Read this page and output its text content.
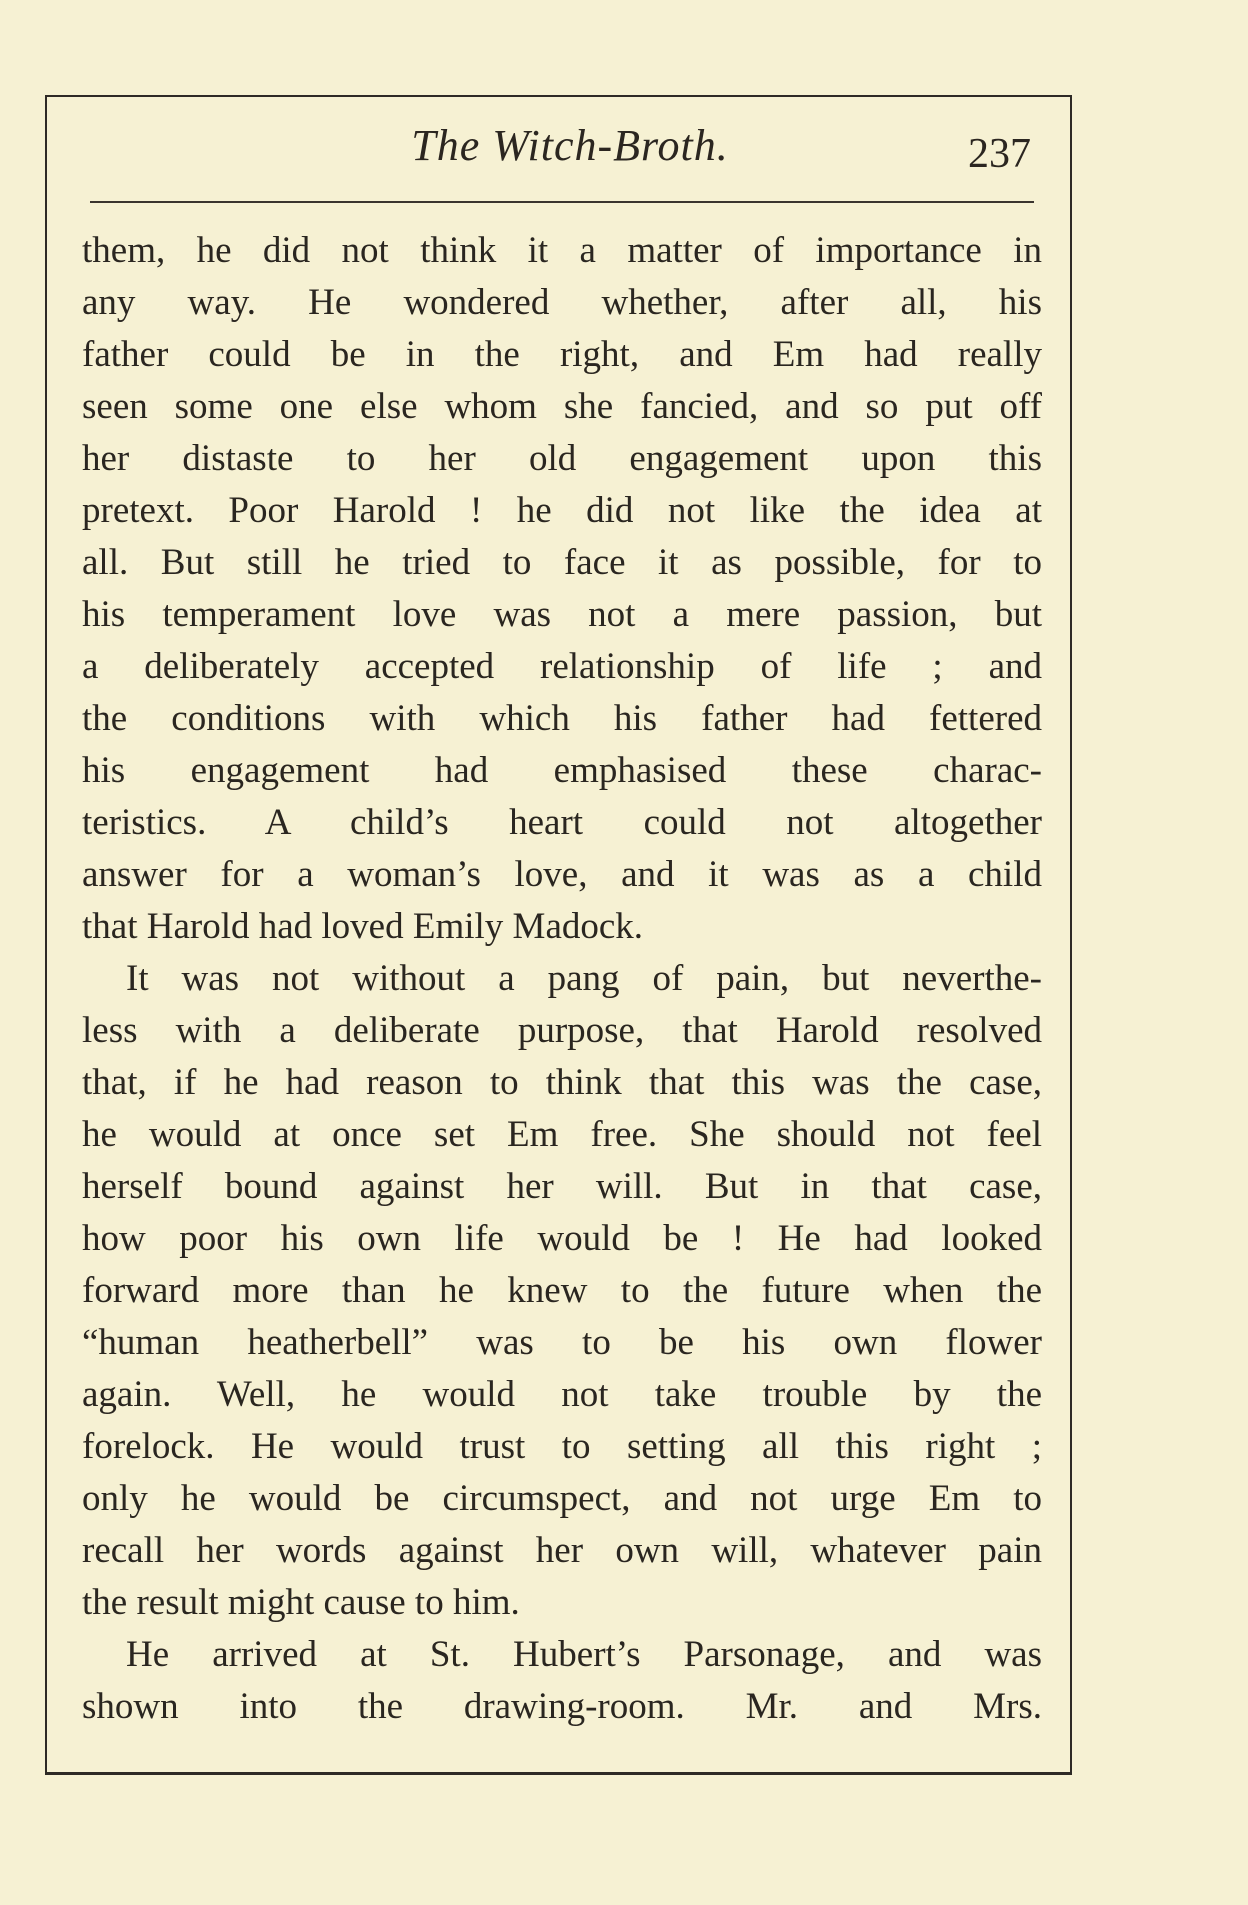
The Witch-Broth.	237
them, he did not think it a matter of importance in
any way. He wondered whether, after all, his
father could be in the right, and Em had really
seen some one else whom she fancied, and so put off
her distaste to her old engagement upon this
pretext. Poor Harold ! he did not like the idea at
all. But still he tried to face it as possible, for to
his temperament love was not a mere passion, but
a deliberately accepted relationship of life ; and
the conditions with which his father had fettered
his engagement had emphasised these charac-
teristics. A child’s heart could not altogether
answer for a woman’s love, and it was as a child
that Harold had loved Emily Madock.
It was not without a pang of pain, but neverthe-
less with a deliberate purpose, that Harold resolved
that, if he had reason to think that this was the case,
he would at once set Em free. She should not feel
herself bound against her will. But in that case,
how poor his own life would be ! He had looked
forward more than he knew to the future when the
“human heatherbell” was to be his own flower
again. Well, he would not take trouble by the
forelock. He would trust to setting all this right ;
only he would be circumspect, and not urge Em to
recall her words against her own will, whatever pain
the result might cause to him.
He arrived at St. Hubert’s Parsonage, and was
shown into the drawing-room. Mr. and Mrs.
